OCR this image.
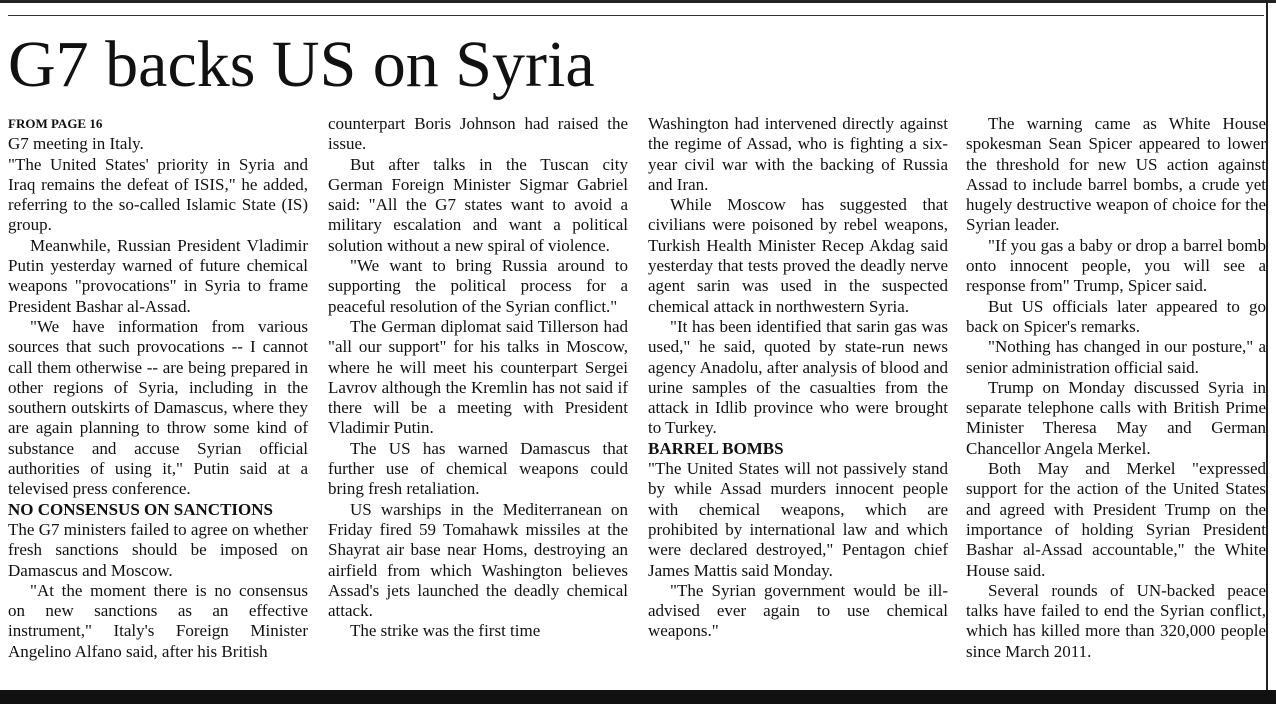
G7 backs US on Syria
FROM PAGE 16

G7 meeting in Italy.

"The United States' priority in Syria and Iraq remains the defeat of ISIS," he added, referring to the so-called Islamic State (IS) group.

Meanwhile, Russian President Vladimir Putin yesterday warned of future chemical weapons "provocations" in Syria to frame President Bashar al-Assad.

"We have information from various sources that such provocations -- I cannot call them otherwise -- are being prepared in other regions of Syria, including in the southern outskirts of Damascus, where they are again planning to throw some kind of substance and accuse Syrian official authorities of using it," Putin said at a televised press conference.

NO CONSENSUS ON SANCTIONS

The G7 ministers failed to agree on whether fresh sanctions should be imposed on Damascus and Moscow.

"At the moment there is no consensus on new sanctions as an effective instrument," Italy's Foreign Minister Angelino Alfano said, after his British

counterpart Boris Johnson had raised the issue.

But after talks in the Tuscan city German Foreign Minister Sigmar Gabriel said: "All the G7 states want to avoid a military escalation and want a political solution without a new spiral of violence.

"We want to bring Russia around to supporting the political process for a peaceful resolution of the Syrian conflict."

The German diplomat said Tillerson had "all our support" for his talks in Moscow, where he will meet his counterpart Sergei Lavrov although the Kremlin has not said if there will be a meeting with President Vladimir Putin.

The US has warned Damascus that further use of chemical weapons could bring fresh retaliation.

US warships in the Mediterranean on Friday fired 59 Tomahawk missiles at the Shayrat air base near Homs, destroying an airfield from which Washington believes Assad's jets launched the deadly chemical attack.

The strike was the first time

Washington had intervened directly against the regime of Assad, who is fighting a six-year civil war with the backing of Russia and Iran.

While Moscow has suggested that civilians were poisoned by rebel weapons, Turkish Health Minister Recep Akdag said yesterday that tests proved the deadly nerve agent sarin was used in the suspected chemical attack in northwestern Syria.

"It has been identified that sarin gas was used," he said, quoted by state-run news agency Anadolu, after analysis of blood and urine samples of the casualties from the attack in Idlib province who were brought to Turkey.

BARREL BOMBS

"The United States will not passively stand by while Assad murders innocent people with chemical weapons, which are prohibited by international law and which were declared destroyed," Pentagon chief James Mattis said Monday.

"The Syrian government would be ill-advised ever again to use chemical weapons."

The warning came as White House spokesman Sean Spicer appeared to lower the threshold for new US action against Assad to include barrel bombs, a crude yet hugely destructive weapon of choice for the Syrian leader.

"If you gas a baby or drop a barrel bomb onto innocent people, you will see a response from" Trump, Spicer said.

But US officials later appeared to go back on Spicer's remarks.

"Nothing has changed in our posture," a senior administration official said.

Trump on Monday discussed Syria in separate telephone calls with British Prime Minister Theresa May and German Chancellor Angela Merkel.

Both May and Merkel "expressed support for the action of the United States and agreed with President Trump on the importance of holding Syrian President Bashar al-Assad accountable," the White House said.

Several rounds of UN-backed peace talks have failed to end the Syrian conflict, which has killed more than 320,000 people since March 2011.
